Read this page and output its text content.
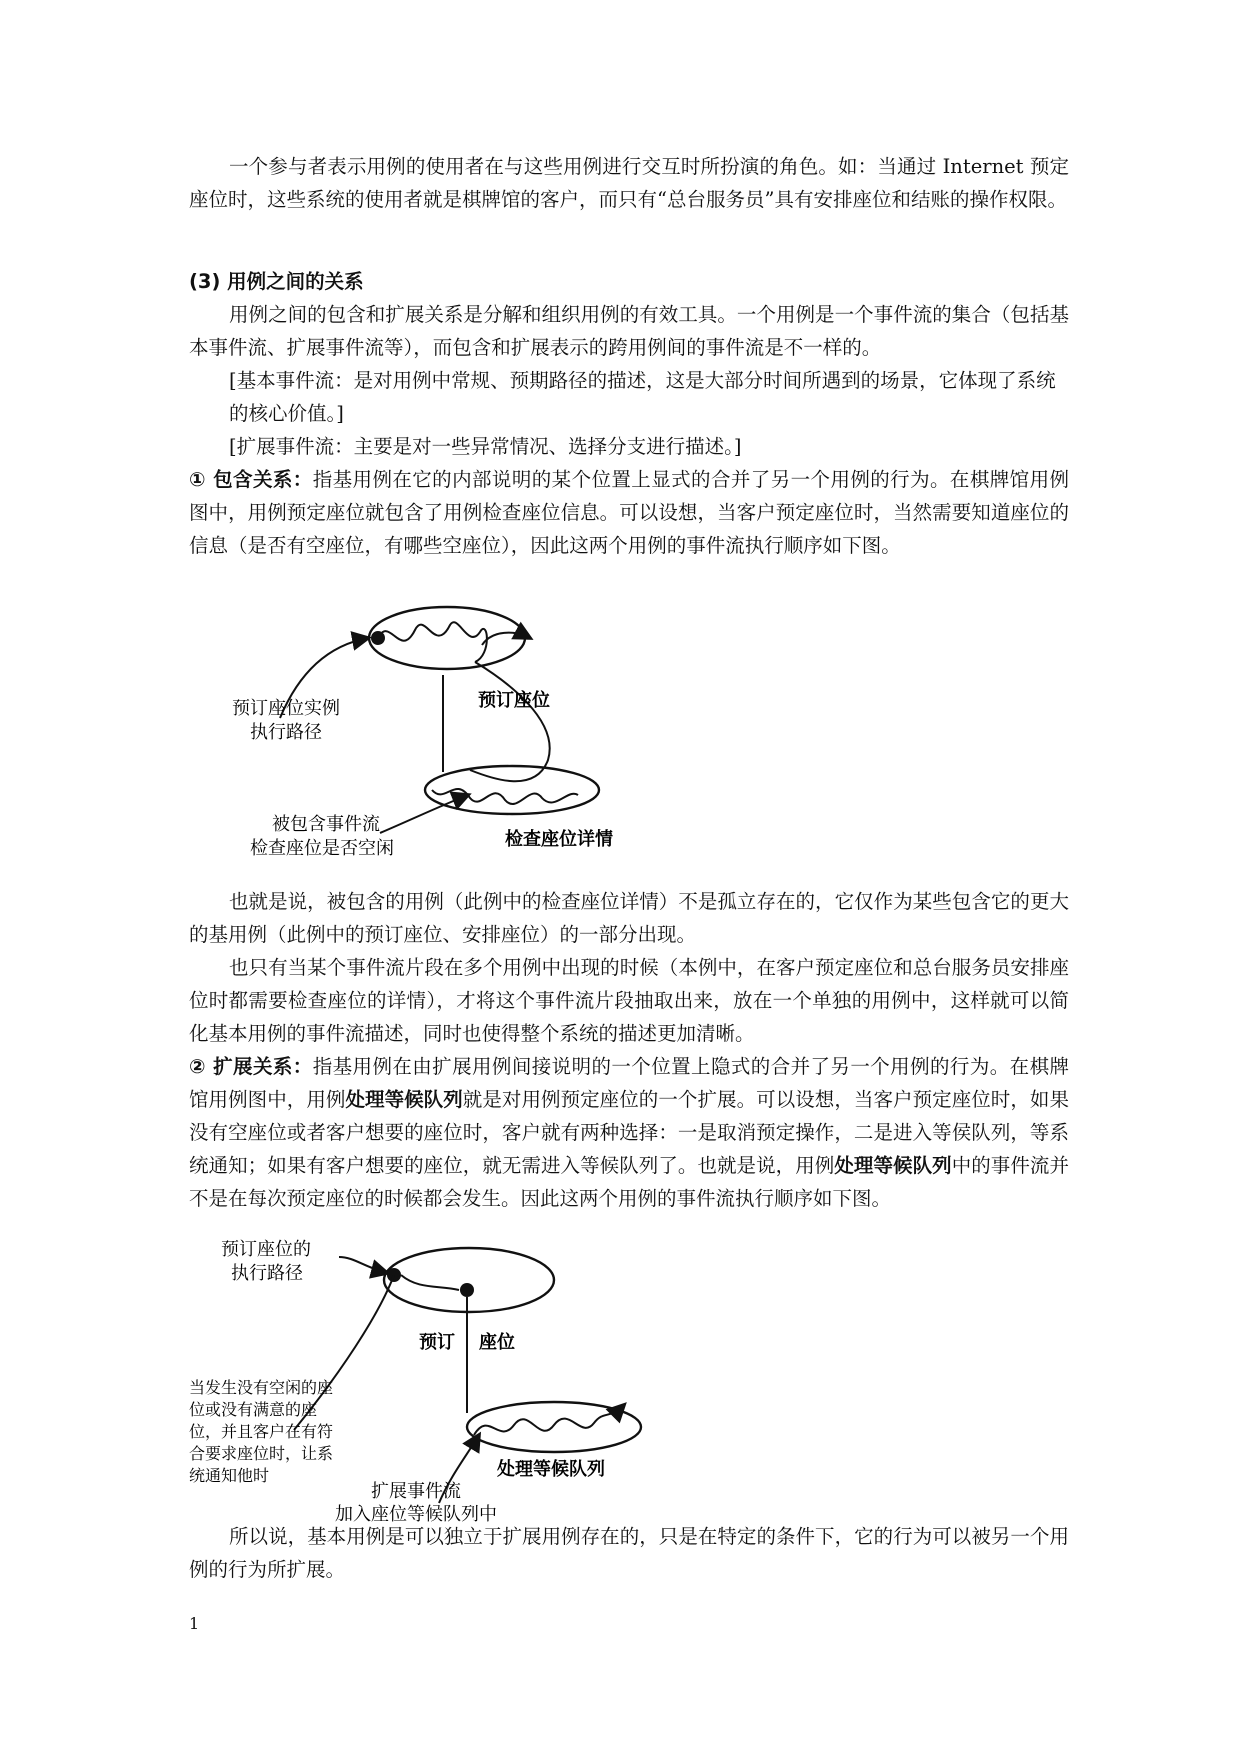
一个参与者表示用例的使用者在与这些用例进行交互时所扮演的角色。如：当通过 Internet 预定座位时，这些系统的使用者就是棋牌馆的客户，而只有“总台服务员”具有安排座位和结账的操作权限。

(3) 用例之间的关系

用例之间的包含和扩展关系是分解和组织用例的有效工具。一个用例是一个事件流的集合（包括基本事件流、扩展事件流等），而包含和扩展表示的跨用例间的事件流是不一样的。

[基本事件流：是对用例中常规、预期路径的描述，这是大部分时间所遇到的场景，它体现了系统的核心价值。]

[扩展事件流：主要是对一些异常情况、选择分支进行描述。]

① 包含关系：指基用例在它的内部说明的某个位置上显式的合并了另一个用例的行为。在棋牌馆用例图中，用例预定座位就包含了用例检查座位信息。可以设想，当客户预定座位时，当然需要知道座位的信息（是否有空座位，有哪些空座位），因此这两个用例的事件流执行顺序如下图。

预订座位实例
执行路径
预订座位
被包含事件流
检查座位是否空闲	检查座位详情

也就是说，被包含的用例（此例中的检查座位详情）不是孤立存在的，它仅作为某些包含它的更大的基用例（此例中的预订座位、安排座位）的一部分出现。

也只有当某个事件流片段在多个用例中出现的时候（本例中，在客户预定座位和总台服务员安排座位时都需要检查座位的详情），才将这个事件流片段抽取出来，放在一个单独的用例中，这样就可以简化基本用例的事件流描述，同时也使得整个系统的描述更加清晰。

② 扩展关系：指基用例在由扩展用例间接说明的一个位置上隐式的合并了另一个用例的行为。在棋牌馆用例图中，用例处理等候队列就是对用例预定座位的一个扩展。可以设想，当客户预定座位时，如果没有空座位或者客户想要的座位时，客户就有两种选择：一是取消预定操作，二是进入等侯队列，等系统通知；如果有客户想要的座位，就无需进入等候队列了。也就是说，用例处理等候队列中的事件流并不是在每次预定座位的时候都会发生。因此这两个用例的事件流执行顺序如下图。

预订座位的
执行路径
预订 座位
当发生没有空闲的座
位或没有满意的座
位，并且客户在有符
合要求座位时，让系
统通知他时
扩展事件流
加入座位等候队列中
处理等候队列

所以说，基本用例是可以独立于扩展用例存在的，只是在特定的条件下，它的行为可以被另一个用例的行为所扩展。

1
